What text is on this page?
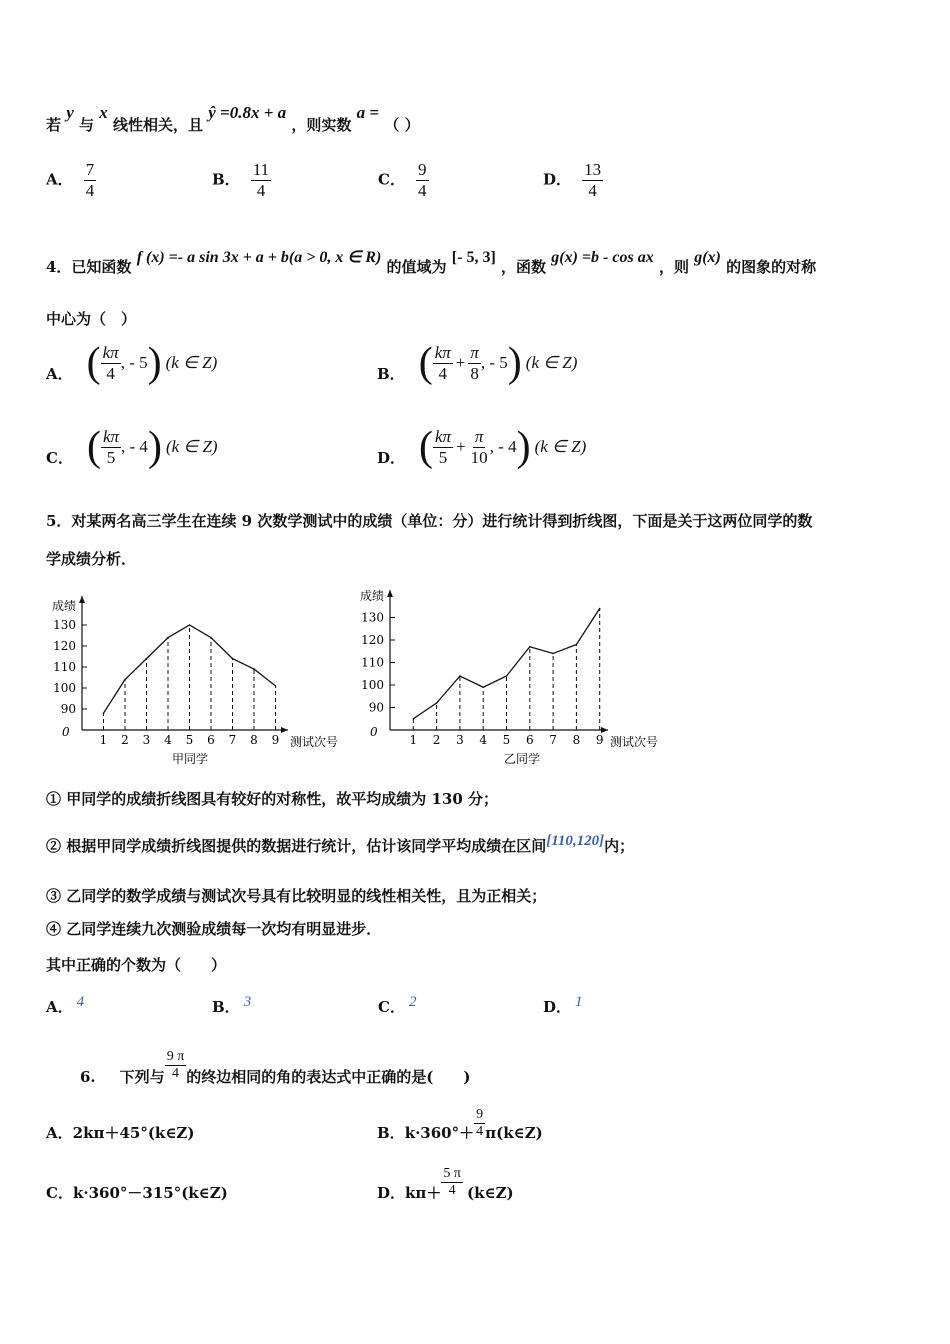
若 y 与 x 线性相关，且 ŷ =0.8x + a ，则实数 a = （ ）
A． $\frac{7}{4}$	B． $\frac{11}{4}$	C． $\frac{9}{4}$	D． $\frac{13}{4}$
4．已知函数 f (x) =- a sin 3x + a + b(a > 0, x ∈ R) 的值域为 [- 5, 3] ，函数 g(x) =b - cos ax ，则 g(x) 的图象的对称
中心为（　）
A． ( $\frac{k\pi}{4}$ , - 5 ) (k ∈ Z)
B． ( $\frac{k\pi}{4} + \frac{\pi}{8}$ , - 5 ) (k ∈ Z)
C． ( $\frac{k\pi}{5}$ , - 4 ) (k ∈ Z)
D． ( $\frac{k\pi}{5} + \frac{\pi}{10}$ , - 4 ) (k ∈ Z)
5．对某两名高三学生在连续 9 次数学测试中的成绩（单位：分）进行统计得到折线图，下面是关于这两位同学的数
学成绩分析．
成绩
0
90
100
110
120
130
1 2 3 4 5 6 7 8 9 测试次号
甲同学
成绩
0
90
100
110
120
130
1 2 3 4 5 6 7 8 9 测试次号
乙同学
① 甲同学的成绩折线图具有较好的对称性，故平均成绩为 130 分；
② 根据甲同学成绩折线图提供的数据进行统计，估计该同学平均成绩在区间[110,120]内；
③ 乙同学的数学成绩与测试次号具有比较明显的线性相关性，且为正相关；
④ 乙同学连续九次测验成绩每一次均有明显进步．
其中正确的个数为（　　）
A． 4	B． 3	C． 2	D． 1
6. 下列与 $\frac{9 \pi}{4}$ 的终边相同的角的表达式中正确的是(　　)
A．2kπ＋45°(k∈Z)	B． $k\cdot 360^\circ+ \frac{9}{4}$ π(k∈Z)
C．k·360°－315°(k∈Z)	D． $k\pi+ \frac{5 \pi}{4}$ (k∈Z)
